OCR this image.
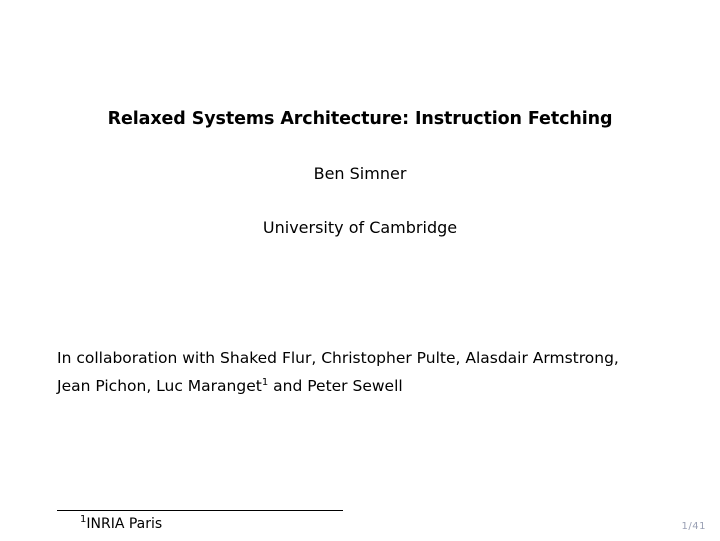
Relaxed Systems Architecture: Instruction Fetching
Ben Simner
University of Cambridge
In collaboration with Shaked Flur, Christopher Pulte, Alasdair Armstrong,
Jean Pichon, Luc Maranget$^1$ and Peter Sewell
$^1$INRIA Paris	1/41
